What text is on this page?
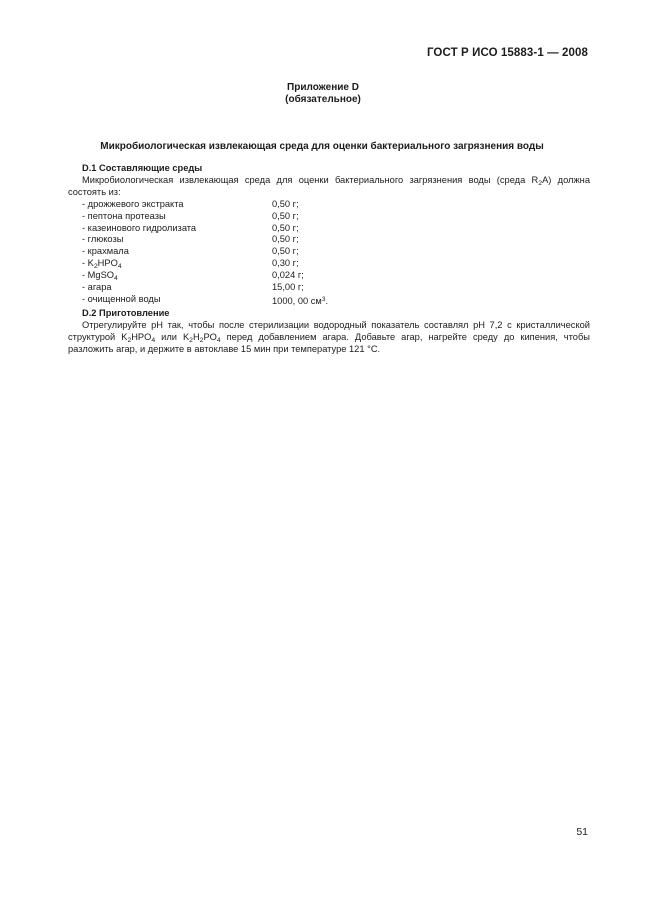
ГОСТ Р ИСО 15883-1 — 2008
Приложение D
(обязательное)
Микробиологическая извлекающая среда для оценки бактериального загрязнения воды

D.1 Составляющие среды

Микробиологическая извлекающая среда для оценки бактериального загрязнения воды (среда $R_2A$) должна состоять из:

- дрожжевого экстракта	0,50 г;
- пептона протеазы	0,50 г;
- казеинового гидролизата	0,50 г;
- глюкозы	0,50 г;
- крахмала	0,50 г;
- $K_2HPO_4$	0,30 г;
- MgSO$_4$	0,024 г;
- агара	15,00 г;
- очищенной воды	1000, 00 $см^3$.

D.2 Приготовление

Отрегулируйте pH так, чтобы после стерилизации водородный показатель составлял pH 7,2 с кристаллической структурой $K_2HPO_4$ или $K_2H_2PO_4$ перед добавлением агара. Добавьте агар, нагрейте среду до кипения, чтобы разложить агар, и держите в автоклаве 15 мин при температуре 121 °С.

51
